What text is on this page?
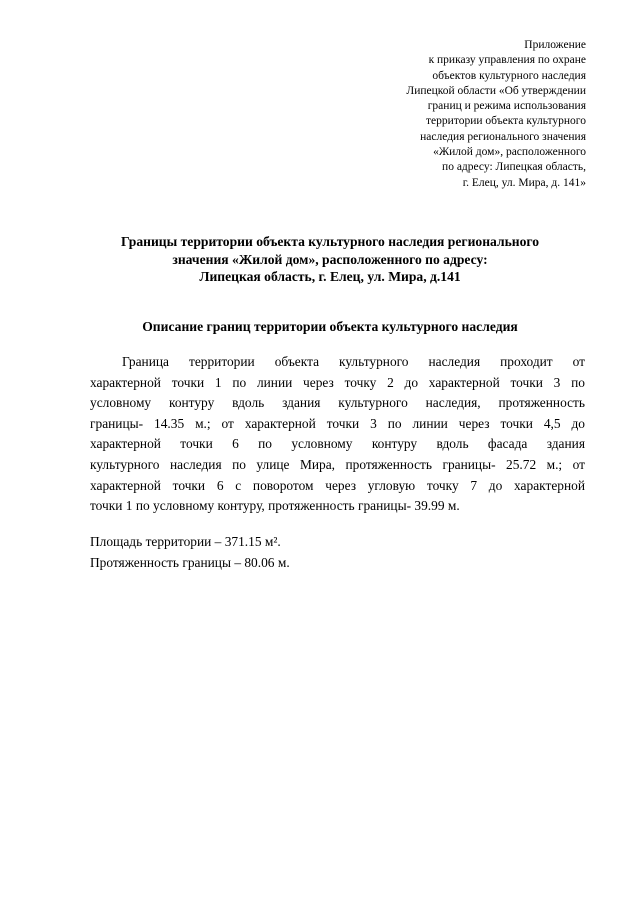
Приложение
к приказу управления по охране
объектов культурного наследия
Липецкой области «Об утверждении
границ и режима использования
территории объекта культурного
наследия регионального значения
«Жилой дом», расположенного
по адресу: Липецкая область,
г. Елец, ул. Мира, д. 141»
Границы территории объекта культурного наследия регионального
значения «Жилой дом», расположенного по адресу:
Липецкая область, г. Елец, ул. Мира, д.141
Описание границ территории объекта культурного наследия
Граница территории объекта культурного наследия проходит от
характерной точки 1 по линии через точку 2 до характерной точки 3 по
условному контуру вдоль здания культурного наследия, протяженность
границы- 14.35 м.; от характерной точки 3 по линии через точки 4,5 до
характерной точки 6 по условному контуру вдоль фасада здания
культурного наследия по улице Мира, протяженность границы- 25.72 м.; от
характерной точки 6 с поворотом через угловую точку 7 до характерной
точки 1 по условному контуру, протяженность границы- 39.99 м.
Площадь территории – 371.15 м².
Протяженность границы – 80.06 м.
